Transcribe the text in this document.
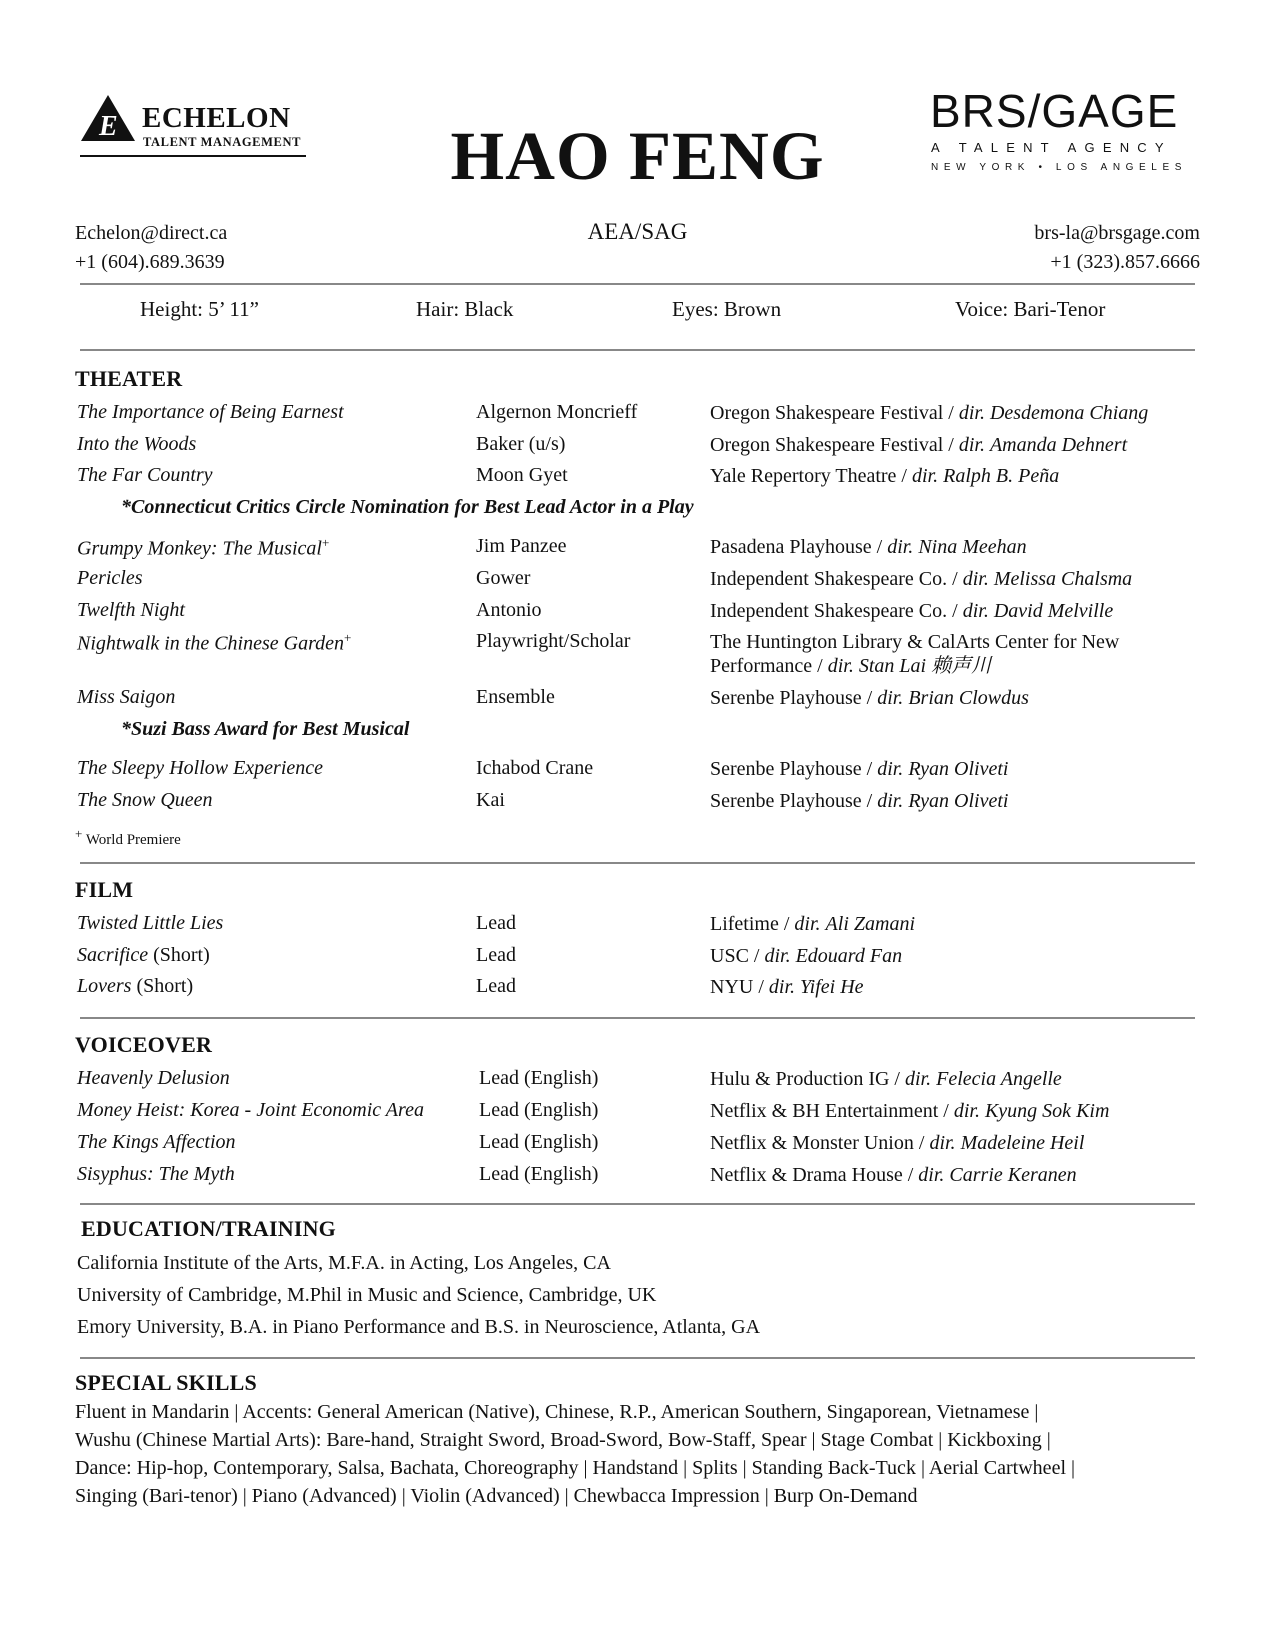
E ECHELON
TALENT MANAGEMENT	HAO FENG
BRS/GAGE
A TALENT AGENCY
NEW YORK • LOS ANGELES
Echelon@direct.ca
+1 (604).689.3639
AEA/SAG	brs-la@brsgage.com
+1 (323).857.6666
Height: 5’ 11”	Hair: Black	Eyes: Brown	Voice: Bari-Tenor
THEATER
The Importance of Being Earnest	Algernon Moncrieff	Oregon Shakespeare Festival / dir. Desdemona Chiang
Into the Woods	Baker (u/s)	Oregon Shakespeare Festival / dir. Amanda Dehnert
The Far Country	Moon Gyet	Yale Repertory Theatre / dir. Ralph B. Peña
*Connecticut Critics Circle Nomination for Best Lead Actor in a Play
Grumpy Monkey: The Musical+	Jim Panzee	Pasadena Playhouse / dir. Nina Meehan
Pericles	Gower	Independent Shakespeare Co. / dir. Melissa Chalsma
Twelfth Night	Antonio	Independent Shakespeare Co. / dir. David Melville
Nightwalk in the Chinese Garden+	Playwright/Scholar	The Huntington Library & CalArts Center for New
Performance / dir. Stan Lai 赖声川
Miss Saigon	Ensemble	Serenbe Playhouse / dir. Brian Clowdus
*Suzi Bass Award for Best Musical
The Sleepy Hollow Experience	Ichabod Crane	Serenbe Playhouse / dir. Ryan Oliveti
The Snow Queen	Kai	Serenbe Playhouse / dir. Ryan Oliveti
+ World Premiere
FILM
Twisted Little Lies	Lead	Lifetime / dir. Ali Zamani
Sacrifice (Short)	Lead	USC / dir. Edouard Fan
Lovers (Short)	Lead	NYU / dir. Yifei He
VOICEOVER
Heavenly Delusion	Lead (English)	Hulu & Production IG / dir. Felecia Angelle
Money Heist: Korea - Joint Economic Area	Lead (English)	Netflix & BH Entertainment / dir. Kyung Sok Kim
The Kings Affection	Lead (English)	Netflix & Monster Union / dir. Madeleine Heil
Sisyphus: The Myth	Lead (English)	Netflix & Drama House / dir. Carrie Keranen
EDUCATION/TRAINING
California Institute of the Arts, M.F.A. in Acting, Los Angeles, CA
University of Cambridge, M.Phil in Music and Science, Cambridge, UK
Emory University, B.A. in Piano Performance and B.S. in Neuroscience, Atlanta, GA
SPECIAL SKILLS
Fluent in Mandarin | Accents: General American (Native), Chinese, R.P., American Southern, Singaporean, Vietnamese |
Wushu (Chinese Martial Arts): Bare-hand, Straight Sword, Broad-Sword, Bow-Staff, Spear | Stage Combat | Kickboxing |
Dance: Hip-hop, Contemporary, Salsa, Bachata, Choreography | Handstand | Splits | Standing Back-Tuck | Aerial Cartwheel |
Singing (Bari-tenor) | Piano (Advanced) | Violin (Advanced) | Chewbacca Impression | Burp On-Demand
